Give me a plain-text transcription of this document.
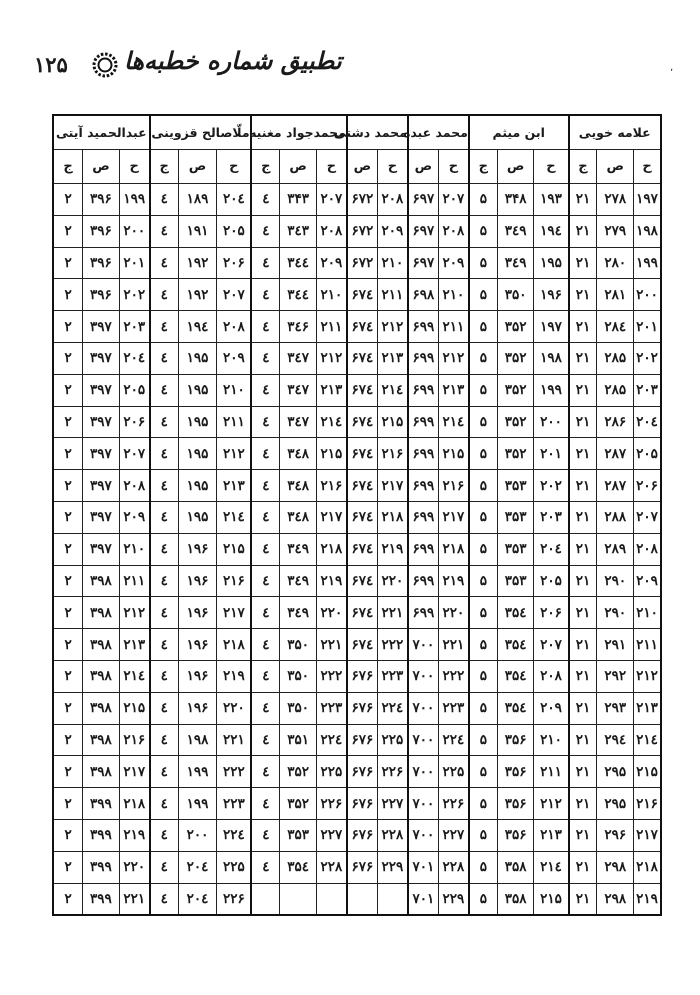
۱۲۵ تطبیق شماره خطبه‌ها	٬
علامه خویی			ابن میثم			محمد عبده		محمد دشتی		محمدجواد مغنیه			ملّاصالح قزوینی			عبدالحمید آیتی		
ح	ص	ج	ح	ص	ج	ح	ص	ح	ص	ح	ص	ج	ح	ص	ج	ح	ص	ج
۱۹۷	۲۷۸	۲۱	۱۹۳	۳۴۸	۵	۲۰۷	۶۹۷	۲۰۸	۶۷۲	۲۰۷	۳۴۳	٤	۲۰٤	۱۸۹	٤	۱۹۹	۳۹۶	۲
۱۹۸	۲۷۹	۲۱	۱۹٤	۳٤۹	۵	۲۰۸	۶۹۷	۲۰۹	۶۷۲	۲۰۸	۳٤۳	٤	۲۰۵	۱۹۱	٤	۲۰۰	۳۹۶	۲
۱۹۹	۲۸۰	۲۱	۱۹۵	۳٤۹	۵	۲۰۹	۶۹۷	۲۱۰	۶۷۲	۲۰۹	۳٤٤	٤	۲۰۶	۱۹۲	٤	۲۰۱	۳۹۶	۲
۲۰۰	۲۸۱	۲۱	۱۹۶	۳۵۰	۵	۲۱۰	۶۹۸	۲۱۱	۶۷٤	۲۱۰	۳٤٤	٤	۲۰۷	۱۹۲	٤	۲۰۲	۳۹۶	۲
۲۰۱	۲۸٤	۲۱	۱۹۷	۳۵۲	۵	۲۱۱	۶۹۹	۲۱۲	۶۷٤	۲۱۱	۳٤۶	٤	۲۰۸	۱۹٤	٤	۲۰۳	۳۹۷	۲
۲۰۲	۲۸۵	۲۱	۱۹۸	۳۵۲	۵	۲۱۲	۶۹۹	۲۱۳	۶۷٤	۲۱۲	۳٤۷	٤	۲۰۹	۱۹۵	٤	۲۰٤	۳۹۷	۲
۲۰۳	۲۸۵	۲۱	۱۹۹	۳۵۲	۵	۲۱۳	۶۹۹	۲۱٤	۶۷٤	۲۱۳	۳٤۷	٤	۲۱۰	۱۹۵	٤	۲۰۵	۳۹۷	۲
۲۰٤	۲۸۶	۲۱	۲۰۰	۳۵۲	۵	۲۱٤	۶۹۹	۲۱۵	۶۷٤	۲۱٤	۳٤۷	٤	۲۱۱	۱۹۵	٤	۲۰۶	۳۹۷	۲
۲۰۵	۲۸۷	۲۱	۲۰۱	۳۵۲	۵	۲۱۵	۶۹۹	۲۱۶	۶۷٤	۲۱۵	۳٤۸	٤	۲۱۲	۱۹۵	٤	۲۰۷	۳۹۷	۲
۲۰۶	۲۸۷	۲۱	۲۰۲	۳۵۳	۵	۲۱۶	۶۹۹	۲۱۷	۶۷٤	۲۱۶	۳٤۸	٤	۲۱۳	۱۹۵	٤	۲۰۸	۳۹۷	۲
۲۰۷	۲۸۸	۲۱	۲۰۳	۳۵۳	۵	۲۱۷	۶۹۹	۲۱۸	۶۷٤	۲۱۷	۳٤۸	٤	۲۱٤	۱۹۵	٤	۲۰۹	۳۹۷	۲
۲۰۸	۲۸۹	۲۱	۲۰٤	۳۵۳	۵	۲۱۸	۶۹۹	۲۱۹	۶۷٤	۲۱۸	۳٤۹	٤	۲۱۵	۱۹۶	٤	۲۱۰	۳۹۷	۲
۲۰۹	۲۹۰	۲۱	۲۰۵	۳۵۳	۵	۲۱۹	۶۹۹	۲۲۰	۶۷٤	۲۱۹	۳٤۹	٤	۲۱۶	۱۹۶	٤	۲۱۱	۳۹۸	۲
۲۱۰	۲۹۰	۲۱	۲۰۶	۳۵٤	۵	۲۲۰	۶۹۹	۲۲۱	۶۷٤	۲۲۰	۳٤۹	٤	۲۱۷	۱۹۶	٤	۲۱۲	۳۹۸	۲
۲۱۱	۲۹۱	۲۱	۲۰۷	۳۵٤	۵	۲۲۱	۷۰۰	۲۲۲	۶۷٤	۲۲۱	۳۵۰	٤	۲۱۸	۱۹۶	٤	۲۱۳	۳۹۸	۲
۲۱۲	۲۹۲	۲۱	۲۰۸	۳۵٤	۵	۲۲۲	۷۰۰	۲۲۳	۶۷۶	۲۲۲	۳۵۰	٤	۲۱۹	۱۹۶	٤	۲۱٤	۳۹۸	۲
۲۱۳	۲۹۳	۲۱	۲۰۹	۳۵٤	۵	۲۲۳	۷۰۰	۲۲٤	۶۷۶	۲۲۳	۳۵۰	٤	۲۲۰	۱۹۶	٤	۲۱۵	۳۹۸	۲
۲۱٤	۲۹٤	۲۱	۲۱۰	۳۵۶	۵	۲۲٤	۷۰۰	۲۲۵	۶۷۶	۲۲٤	۳۵۱	٤	۲۲۱	۱۹۸	٤	۲۱۶	۳۹۸	۲
۲۱۵	۲۹۵	۲۱	۲۱۱	۳۵۶	۵	۲۲۵	۷۰۰	۲۲۶	۶۷۶	۲۲۵	۳۵۲	٤	۲۲۲	۱۹۹	٤	۲۱۷	۳۹۸	۲
۲۱۶	۲۹۵	۲۱	۲۱۲	۳۵۶	۵	۲۲۶	۷۰۰	۲۲۷	۶۷۶	۲۲۶	۳۵۲	٤	۲۲۳	۱۹۹	٤	۲۱۸	۳۹۹	۲
۲۱۷	۲۹۶	۲۱	۲۱۳	۳۵۶	۵	۲۲۷	۷۰۰	۲۲۸	۶۷۶	۲۲۷	۳۵۳	٤	۲۲٤	۲۰۰	٤	۲۱۹	۳۹۹	۲
۲۱۸	۲۹۸	۲۱	۲۱٤	۳۵۸	۵	۲۲۸	۷۰۱	۲۲۹	۶۷۶	۲۲۸	۳۵٤	٤	۲۲۵	۲۰٤	٤	۲۲۰	۳۹۹	۲
۲۱۹	۲۹۸	۲۱	۲۱۵	۳۵۸	۵	۲۲۹	۷۰۱						۲۲۶	۲۰٤	٤	۲۲۱	۳۹۹	۲
